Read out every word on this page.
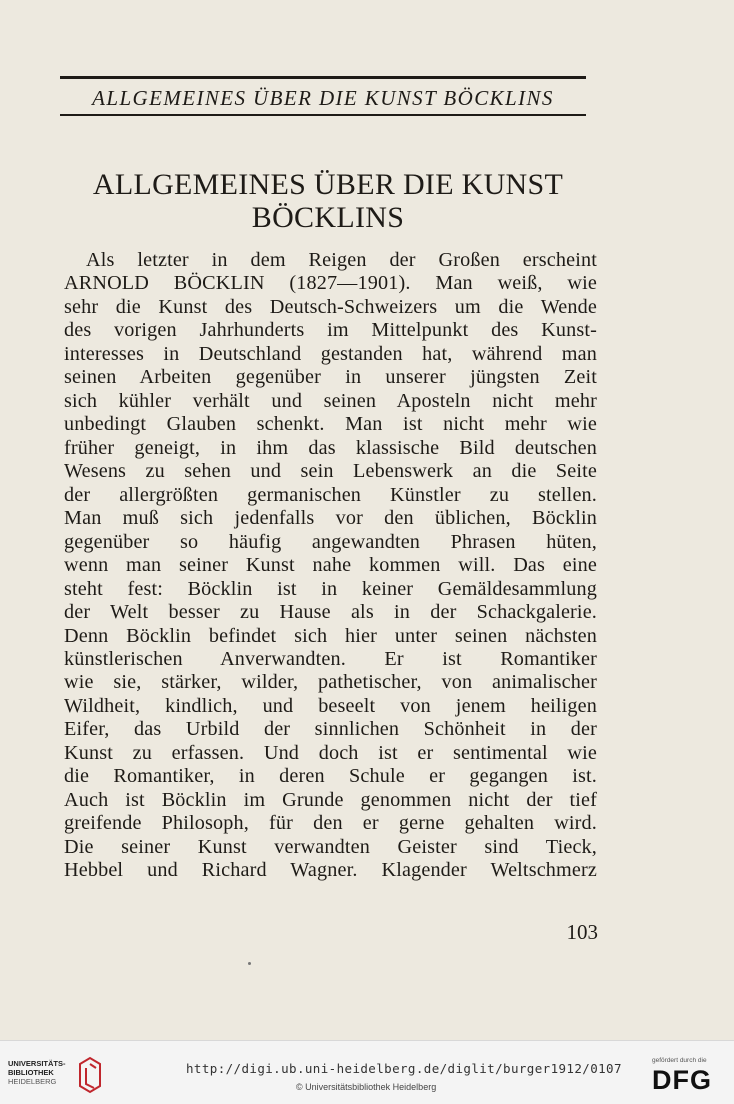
ALLGEMEINES ÜBER DIE KUNST BÖCKLINS
ALLGEMEINES ÜBER DIE KUNST
BÖCKLINS
Als letzter in dem Reigen der Großen erscheint
ARNOLD BÖCKLIN (1827—1901). Man weiß, wie
sehr die Kunst des Deutsch-Schweizers um die Wende
des vorigen Jahrhunderts im Mittelpunkt des Kunst-
interesses in Deutschland gestanden hat, während man
seinen Arbeiten gegenüber in unserer jüngsten Zeit
sich kühler verhält und seinen Aposteln nicht mehr
unbedingt Glauben schenkt. Man ist nicht mehr wie
früher geneigt, in ihm das klassische Bild deutschen
Wesens zu sehen und sein Lebenswerk an die Seite
der allergrößten germanischen Künstler zu stellen.
Man muß sich jedenfalls vor den üblichen, Böcklin
gegenüber so häufig angewandten Phrasen hüten,
wenn man seiner Kunst nahe kommen will. Das eine
steht fest: Böcklin ist in keiner Gemäldesammlung
der Welt besser zu Hause als in der Schackgalerie.
Denn Böcklin befindet sich hier unter seinen nächsten
künstlerischen Anverwandten. Er ist Romantiker
wie sie, stärker, wilder, pathetischer, von animalischer
Wildheit, kindlich, und beseelt von jenem heiligen
Eifer, das Urbild der sinnlichen Schönheit in der
Kunst zu erfassen. Und doch ist er sentimental wie
die Romantiker, in deren Schule er gegangen ist.
Auch ist Böcklin im Grunde genommen nicht der tief
greifende Philosoph, für den er gerne gehalten wird.
Die seiner Kunst verwandten Geister sind Tieck,
Hebbel und Richard Wagner. Klagender Weltschmerz
103
UNIVERSITÄTS-
BIBLIOTHEK
HEIDELBERG
http://digi.ub.uni-heidelberg.de/diglit/burger1912/0107
© Universitätsbibliothek Heidelberg
gefördert durch die
DFG
